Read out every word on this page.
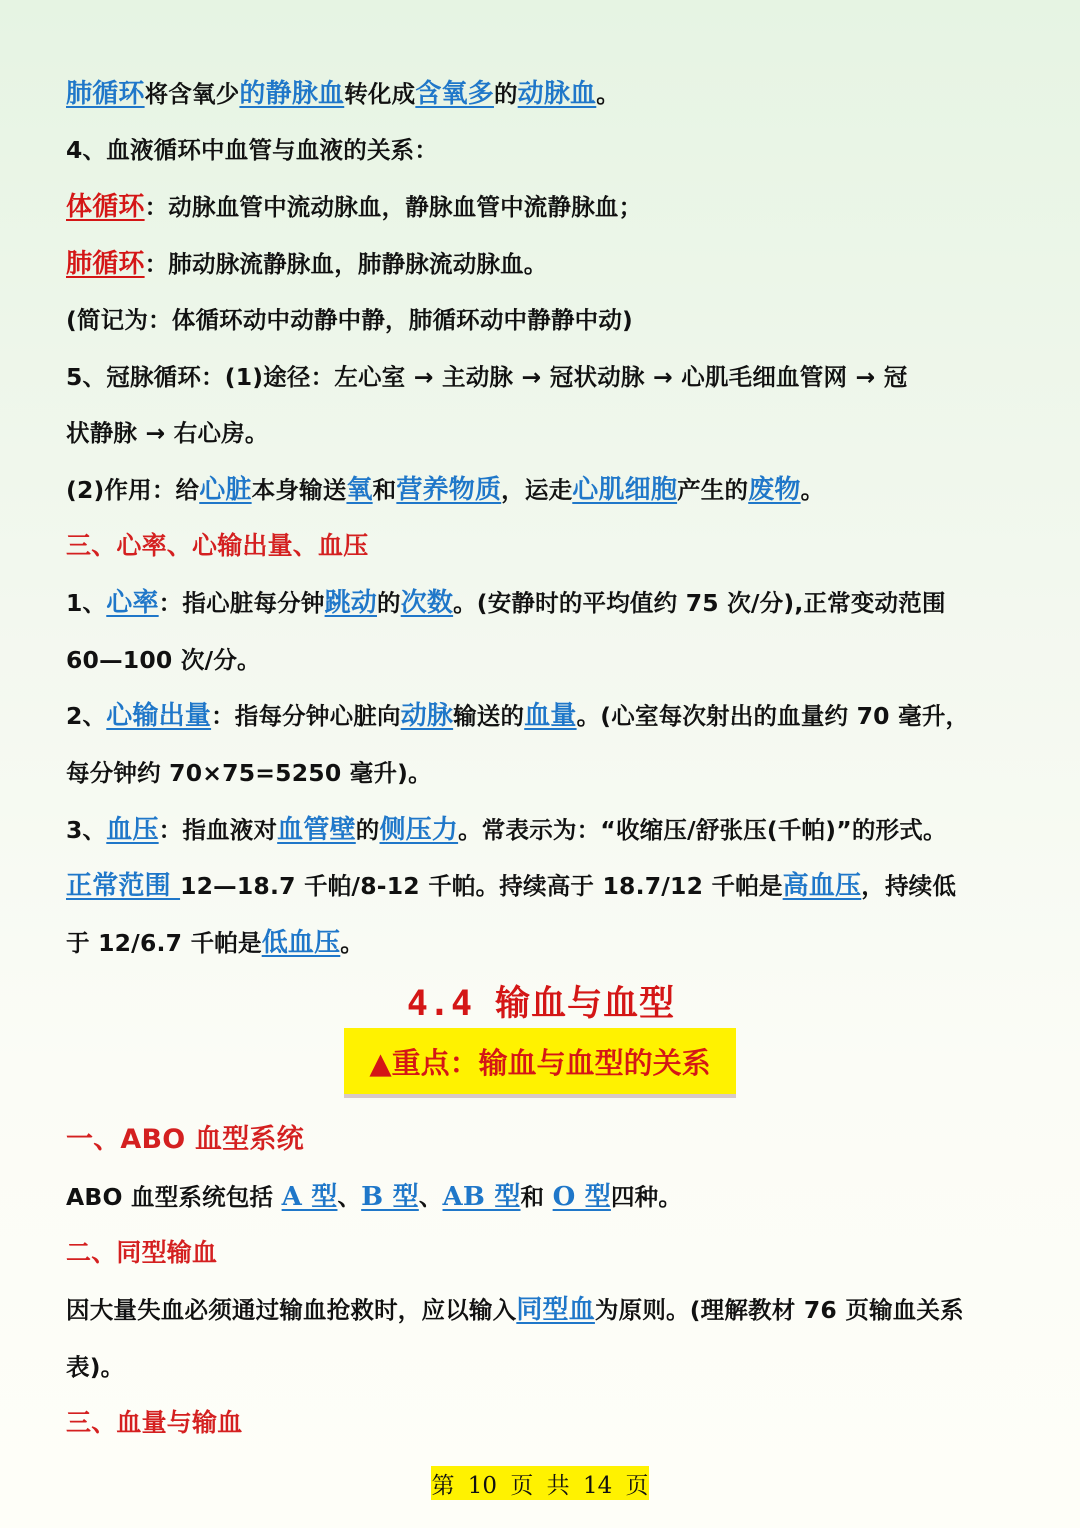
肺循环将含氧少的静脉血转化成含氧多的动脉血。
4、血液循环中血管与血液的关系：
体循环：动脉血管中流动脉血，静脉血管中流静脉血；
肺循环：肺动脉流静脉血，肺静脉流动脉血。
(简记为：体循环动中动静中静，肺循环动中静静中动)
5、冠脉循环：(1)途径：左心室 → 主动脉 → 冠状动脉 → 心肌毛细血管网 → 冠
状静脉 → 右心房。
(2)作用：给心脏本身输送氧和营养物质，运走心肌细胞产生的废物。
三、心率、心输出量、血压
1、心率：指心脏每分钟跳动的次数。(安静时的平均值约 75 次/分),正常变动范围
60—100 次/分。
2、心输出量：指每分钟心脏向动脉输送的血量。(心室每次射出的血量约 70 毫升，
每分钟约 70×75=5250 毫升)。
3、血压：指血液对血管壁的侧压力。常表示为：“收缩压/舒张压(千帕)”的形式。
正常范围 12—18.7 千帕/8-12 千帕。持续高于 18.7/12 千帕是高血压，持续低
于 12/6.7 千帕是低血压。
4.4 输血与血型
▲重点：输血与血型的关系
一、ABO 血型系统
ABO 血型系统包括 A 型、B 型、AB 型和 O 型四种。
二、同型输血
因大量失血必须通过输血抢救时，应以输入同型血为原则。(理解教材 76 页输血关系
表)。
三、血量与输血
第 10 页 共 14 页
